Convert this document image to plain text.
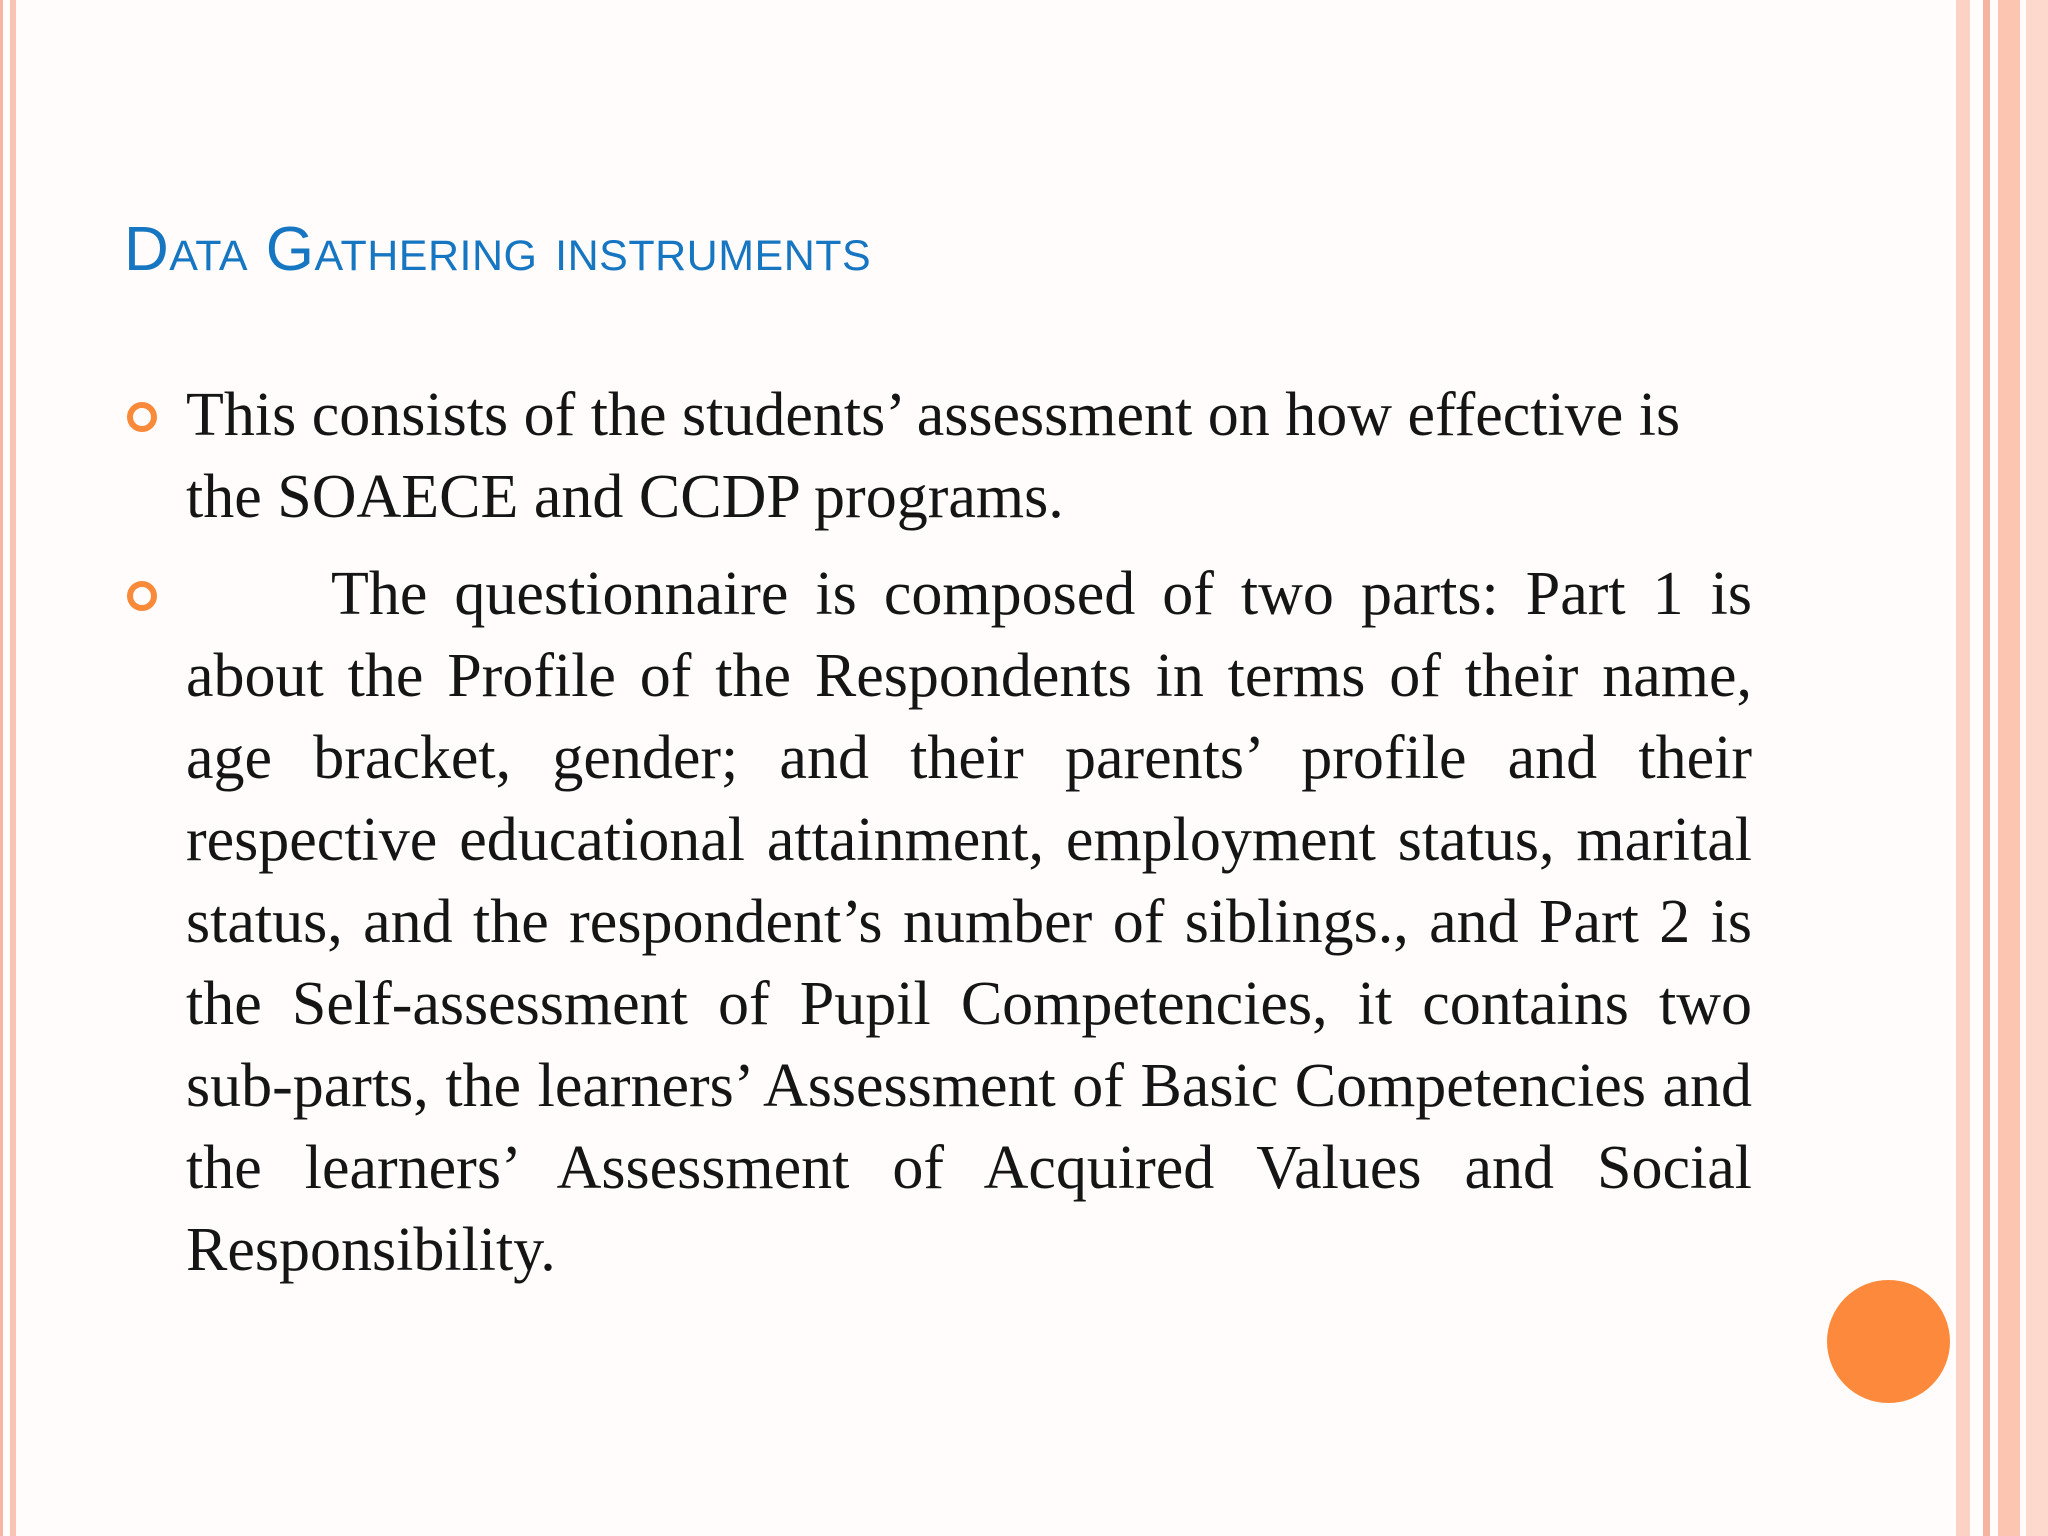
Data Gathering instruments
This consists of the students’ assessment on how effective is the SOAECE and CCDP programs.
The questionnaire is composed of two parts: Part 1 is about the Profile of the Respondents in terms of their name, age bracket, gender; and their parents’ profile and their respective educational attainment, employment status, marital status, and the respondent’s number of siblings., and Part 2 is the Self-assessment of Pupil Competencies, it contains two sub-parts, the learners’ Assessment of Basic Competencies and the learners’ Assessment of Acquired Values and Social Responsibility.
